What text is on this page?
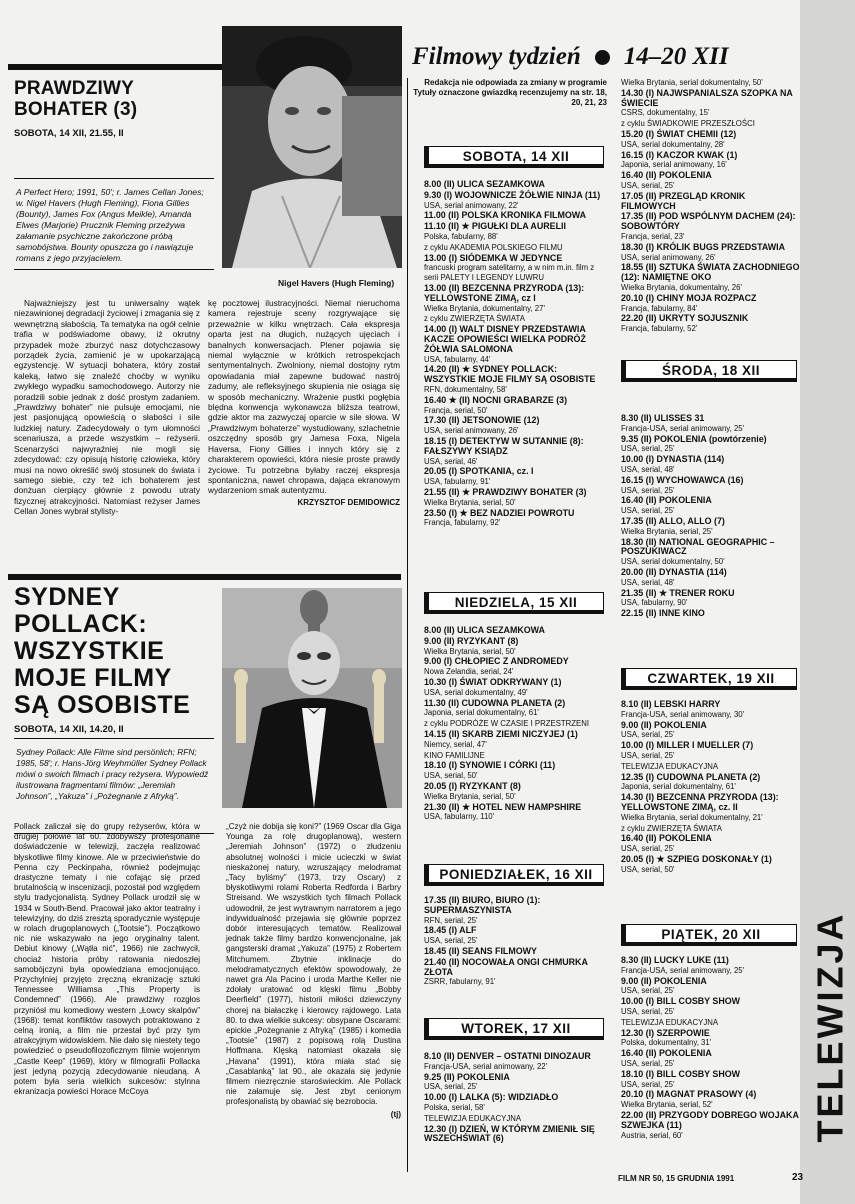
PRAWDZIWY
BOHATER (3)
SOBOTA, 14 XII, 21.55, II
A Perfect Hero; 1991, 50'; r. James Cellan Jones; w. Nigel Havers (Hugh Fleming), Fiona Gillies (Bounty), James Fox (Angus Meikle), Amanda Elwes (Marjorie) Prucznik Fleming przeżywa załamanie psychiczne zakończone próbą samobójstwa. Bounty opuszcza go i nawiązuje romans z jego przyjacielem.
Nigel Havers (Hugh Fleming)

Najważniejszy jest tu uniwersalny wątek niezawinionej degradacji życiowej i zmagania się z wewnętrzną słabością. Ta tematyka na ogół celnie trafia w podświadome obawy, iż okrutny przypadek może zburzyć nasz dotychczasowy porządek życia, zamienić je w upokarzającą egzystencję. W sytuacji bohatera, który został kaleką, łatwo się znaleźć choćby w wyniku zwykłego wypadku samochodowego. Autorzy nie poradzili sobie jednak z dość prostym zadaniem. „Prawdziwy bohater” nie pulsuje emocjami, nie jest pasjonującą opowieścią o słabości i sile ludzkiej natury. Zadecydowały o tym ułomności scenariusza, a przede wszystkim – reżyserii. Scenarzyści najwyraźniej nie mogli się zdecydować: czy opisują historię człowieka, który musi na nowo określić swój stosunek do świata i samego siebie, czy też ich bohaterem jest donżuan cierpiący głównie z powodu utraty fizycznej atrakcyjności. Natomiast reżyser James Cellan Jones wybrał stylisty-

kę pocztowej ilustracyjności. Niemal nieruchoma kamera rejestruje sceny rozgrywające się przeważnie w kilku wnętrzach. Cała ekspresja oparta jest na długich, nużących ujęciach i banalnych konwersacjach. Plener pojawia się niemal wyłącznie w krótkich retrospekcjach sentymentalnych. Zwolniony, niemal dostojny rytm opowiadania miał zapewne budować nastrój zadumy, ale refleksyjnego skupienia nie osiąga się w sposób mechaniczny. Wrażenie pustki pogłębia blędna konwencja wykonawcza bliższa teatrowi, gdzie aktor ma zazwyczaj oparcie w sile słowa. W „Prawdziwym bohaterze” wystudiowany, szlachetnie oszczędny sposób gry Jamesa Foxa, Nigela Haversa, Fiony Gillies i innych który się z charakterem opowieści, która niesie proste prawdy życiowe. Tu potrzebna byłaby raczej ekspresja spontaniczna, nawet chropawa, dająca ekranowym wydarzeniom smak autentyzmu.

KRZYSZTOF DEMIDOWICZ
SYDNEY
POLLACK:
WSZYSTKIE
MOJE FILMY
SĄ OSOBISTE
SOBOTA, 14 XII, 14.20, II
Sydney Pollack: Alle Filme sind persönlich; RFN; 1985, 58'; r. Hans-Jörg Weyhmüller Sydney Pollack mówi o swoich filmach i pracy reżysera. Wypowiedź ilustrowana fragmentami filmów: „Jeremiah Johnson”, „Yakuza” i „Pożegnanie z Afryką”.

Pollack zaliczał się do grupy reżyserów, która w drugiej połowie lat 60. zdobywszy profesjonalne doświadczenie w telewizji, zaczęła realizować błyskotliwe filmy kinowe. Ale w przeciwieństwie do Penna czy Peckinpaha, również podejmując drastyczne tematy i nie cofając się przed brutalnością w inscenizacji, pozostał pod względem stylu tradycjonalistą. Sydney Pollack urodził się w 1934 w South-Bend. Pracował jako aktor teatralny i telewizyjny, do dziś zresztą sporadycznie występuje w rolach drugoplanowych („Tootsie”). Początkowo nic nie wskazywało na jego oryginalny talent. Debiut kinowy („Wątła nić”, 1966) nie zachwycił, chociaż historia próby ratowania niedoszłej samobójczyni była opowiedziana emocjonująco. Przychylniej przyjęto zręczną ekranizację sztuki Tennessee Williamsa „This Property is Condemned” (1966). Ale prawdziwy rozgłos przyniósł mu komediowy western „Łowcy skalpów” (1968): temat konfliktów rasowych potraktowano z celną ironią, a film nie przestał być przy tym atrakcyjnym widowiskiem. Nie dało się niestety tego powiedzieć o pseudofilozoficznym filmie wojennym „Castle Keep” (1969), który w filmografii Pollacka jest jedyną pozycją zdecydowanie nieudaną. A potem była seria wielkich sukcesów: stylnna ekranizacja powieści Horace McCoya

„Czyż nie dobija się koni?” (1969 Oscar dla Giga Younga za rolę drugoplanową), western „Jeremiah Johnson” (1972) o złudzeniu absolutnej wolności i micie ucieczki w świat nieskażonej natury, wzruszający melodramat „Tacy byliśmy” (1973, trzy Oscary) z błyskotliwymi rolami Roberta Redforda i Barbry Streisand. We wszystkich tych filmach Pollack udowodnił, że jest wytrawnym narratorem a jego indywidualność przejawia się głównie poprzez dobór interesujących tematów. Realizował jednak także filmy bardzo konwencjonalne, jak gangsterski dramat „Yakuza” (1975) z Robertem Mitchumem. Zbytnie inklinacje do melodramatycznych efektów spowodowały, że nawet gra Ala Pacino i uroda Marthe Keller nie zdołały uratować od klęski filmu „Bobby Deerfield” (1977), historii miłości dziewczyny chorej na białaczkę i kierowcy rajdowego. Lata 80. to dwa wielkie sukcesy: obsypane Oscarami: epickie „Pożegnanie z Afryką” (1985) i komedia „Tootsie” (1987) z popisową rolą Dustina Hoffmana. Klęską natomiast okazała się „Havana” (1991), która miała stać się „Casablanką” lat 90., ale okazała się jedynie filmem niezręcznie staroświeckim. Ale Pollack nie załamuje się. Jest zbyt cenionym profesjonalistą by obawiać się bezrobocia.

(tj)
Filmowy tydzień 14–20 XII
Redakcja nie odpowiada za zmiany w programie Tytuły oznaczone gwiazdką recenzujemy na str. 18, 20, 21, 23
SOBOTA, 14 XII
8.00 (II) ULICA SEZAMKOWA
9.30 (I) WOJOWNICZE ŻÓŁWIE NINJA (11)
USA, serial animowany, 22'
11.00 (II) POLSKA KRONIKA FILMOWA
11.10 (II) ★ PIGUŁKI DLA AURELII
Polska, fabularny, 88'
z cyklu AKADEMIA POLSKIEGO FILMU
13.00 (I) SIÓDEMKA W JEDYNCE
francuski program satelitarny, a w nim m.in. film z serii PALETY I LEGENDY LUWRU
13.00 (II) BEZCENNA PRZYRODA (13): YELLOWSTONE ZIMĄ, cz I
Wielka Brytania, dokumentalny, 27'
z cyklu ZWIERZĘTA ŚWIATA
14.00 (I) WALT DISNEY PRZEDSTAWIA KACZE OPOWIEŚCI WIELKA PODRÓŻ ŻÓŁWIA SALOMONA
USA, fabularny, 44'
14.20 (II) ★ SYDNEY POLLACK: WSZYSTKIE MOJE FILMY SĄ OSOBISTE
RFN, dokumentalny, 58'
16.40 ★ (II) NOCNI GRABARZE (3)
Francja, serial, 50'
17.30 (II) JETSONOWIE (12)
USA, serial animowany, 26'
18.15 (I) DETEKTYW W SUTANNIE (8): FAŁSZYWY KSIĄDZ
USA, serial, 46'
20.05 (I) SPOTKANIA, cz. I
USA, fabularny, 91'
21.55 (II) ★ PRAWDZIWY BOHATER (3)
Wielka Brytania, serial, 50'
23.50 (I) ★ BEZ NADZIEI POWROTU
Francja, fabularny, 92'
NIEDZIELA, 15 XII
8.00 (II) ULICA SEZAMKOWA
9.00 (II) RYZYKANT (8)
Wielka Brytania, serial, 50'
9.00 (I) CHŁOPIEC Z ANDROMEDY
Nowa Zelandia, serial, 24'
10.30 (I) ŚWIAT ODKRYWANY (1)
USA, serial dokumentalny, 49'
11.30 (II) CUDOWNA PLANETA (2)
Japonia, serial dokumentalny, 61'
z cyklu PODRÓŻE W CZASIE I PRZESTRZENI
14.15 (II) SKARB ZIEMI NICZYJEJ (1)
Niemcy, serial, 47'
KINO FAMILIJNE
18.10 (I) SYNOWIE I CÓRKI (11)
USA, serial, 50'
20.05 (I) RYZYKANT (8)
Wielka Brytania, serial, 50'
21.30 (II) ★ HOTEL NEW HAMPSHIRE
USA, fabularny, 110'
PONIEDZIAŁEK, 16 XII
17.35 (II) BIURO, BIURO (1): SUPERMASZYNISTA
RFN, serial, 25'
18.45 (I) ALF
USA, serial, 25'
18.45 (II) SEANS FILMOWY
21.40 (II) NOCOWAŁA ONGI CHMURKA ZŁOTA
ZSRR, fabularny, 91'
WTOREK, 17 XII
8.10 (II) DENVER – OSTATNI DINOZAUR
Francja-USA, serial animowany, 22'
9.25 (II) POKOLENIA
USA, serial, 25'
10.00 (I) LALKA (5): WIDZIADŁO
Polska, serial, 58'
TELEWIZJA EDUKACYJNA
12.30 (I) DZIEŃ, W KTÓRYM ZMIENIŁ SIĘ WSZECHŚWIAT (6)
Wielka Brytania, serial dokumentalny, 50'
14.30 (I) NAJWSPANIALSZA SZOPKA NA ŚWIECIE
CSRS, dokumentalny, 15'
z cyklu ŚWIADKOWIE PRZESZŁOŚCI
15.20 (I) ŚWIAT CHEMII (12)
USA, serial dokumentalny, 28'
16.15 (I) KACZOR KWAK (1)
Japonia, serial animowany, 16'
16.40 (II) POKOLENIA
USA, serial, 25'
17.05 (II) PRZEGLĄD KRONIK FILMOWYCH
17.35 (II) POD WSPÓLNYM DACHEM (24): SOBOWTÓRY
Francja, serial, 23'
18.30 (I) KRÓLIK BUGS PRZEDSTAWIA
USA, serial animowany, 26'
18.55 (II) SZTUKA ŚWIATA ZACHODNIEGO (12): NAMIĘTNE OKO
Wielka Brytania, dokumentalny, 26'
20.10 (I) CHINY MOJA ROZPACZ
Francja, fabularny, 84'
22.20 (II) UKRYTY SOJUSZNIK
Francja, fabularny, 52'
ŚRODA, 18 XII
8.30 (II) ULISSES 31
Francja-USA, serial animowany, 25'
9.35 (II) POKOLENIA (powtórzenie)
USA, serial, 25'
10.00 (I) DYNASTIA (114)
USA, serial, 48'
16.15 (I) WYCHOWAWCA (16)
USA, serial, 25'
16.40 (II) POKOLENIA
USA, serial, 25'
17.35 (II) ALLO, ALLO (7)
Wielka Brytania, serial, 25'
18.30 (II) NATIONAL GEOGRAPHIC – POSZUKIWACZ
USA, serial dokumentalny, 50'
20.00 (II) DYNASTIA (114)
USA, serial, 48'
21.35 (II) ★ TRENER ROKU
USA, fabularny, 90'
22.15 (II) INNE KINO
CZWARTEK, 19 XII
8.10 (II) LEBSKI HARRY
Francja-USA, serial animowany, 30'
9.00 (II) POKOLENIA
USA, serial, 25'
10.00 (I) MILLER I MUELLER (7)
USA, serial, 25'
TELEWIZJA EDUKACYJNA
12.35 (I) CUDOWNA PLANETA (2)
Japonia, serial dokumentalny, 61'
14.30 (I) BEZCENNA PRZYRODA (13): YELLOWSTONE ZIMĄ, cz. II
Wielka Brytania, serial dokumentalny, 21'
z cyklu ZWIERZĘTA ŚWIATA
16.40 (II) POKOLENIA
USA, serial, 25'
20.05 (I) ★ SZPIEG DOSKONAŁY (1)
USA, serial, 50'
PIĄTEK, 20 XII
8.30 (II) LUCKY LUKE (11)
Francja-USA, serial animowany, 25'
9.00 (II) POKOLENIA
USA, serial, 25'
10.00 (I) BILL COSBY SHOW
USA, serial, 25'
TELEWIZJA EDUKACYJNA
12.30 (I) SZERPOWIE
Polska, dokumentalny, 31'
16.40 (II) POKOLENIA
USA, serial, 25'
18.10 (I) BILL COSBY SHOW
USA, serial, 25'
20.10 (I) MAGNAT PRASOWY (4)
Wielka Brytania, serial, 52'
22.00 (II) PRZYGODY DOBREGO WOJAKA SZWEJKA (11)
Austria, serial, 60'	TELEWIZJA
FILM NR 50, 15 GRUDNIA 1991	23
